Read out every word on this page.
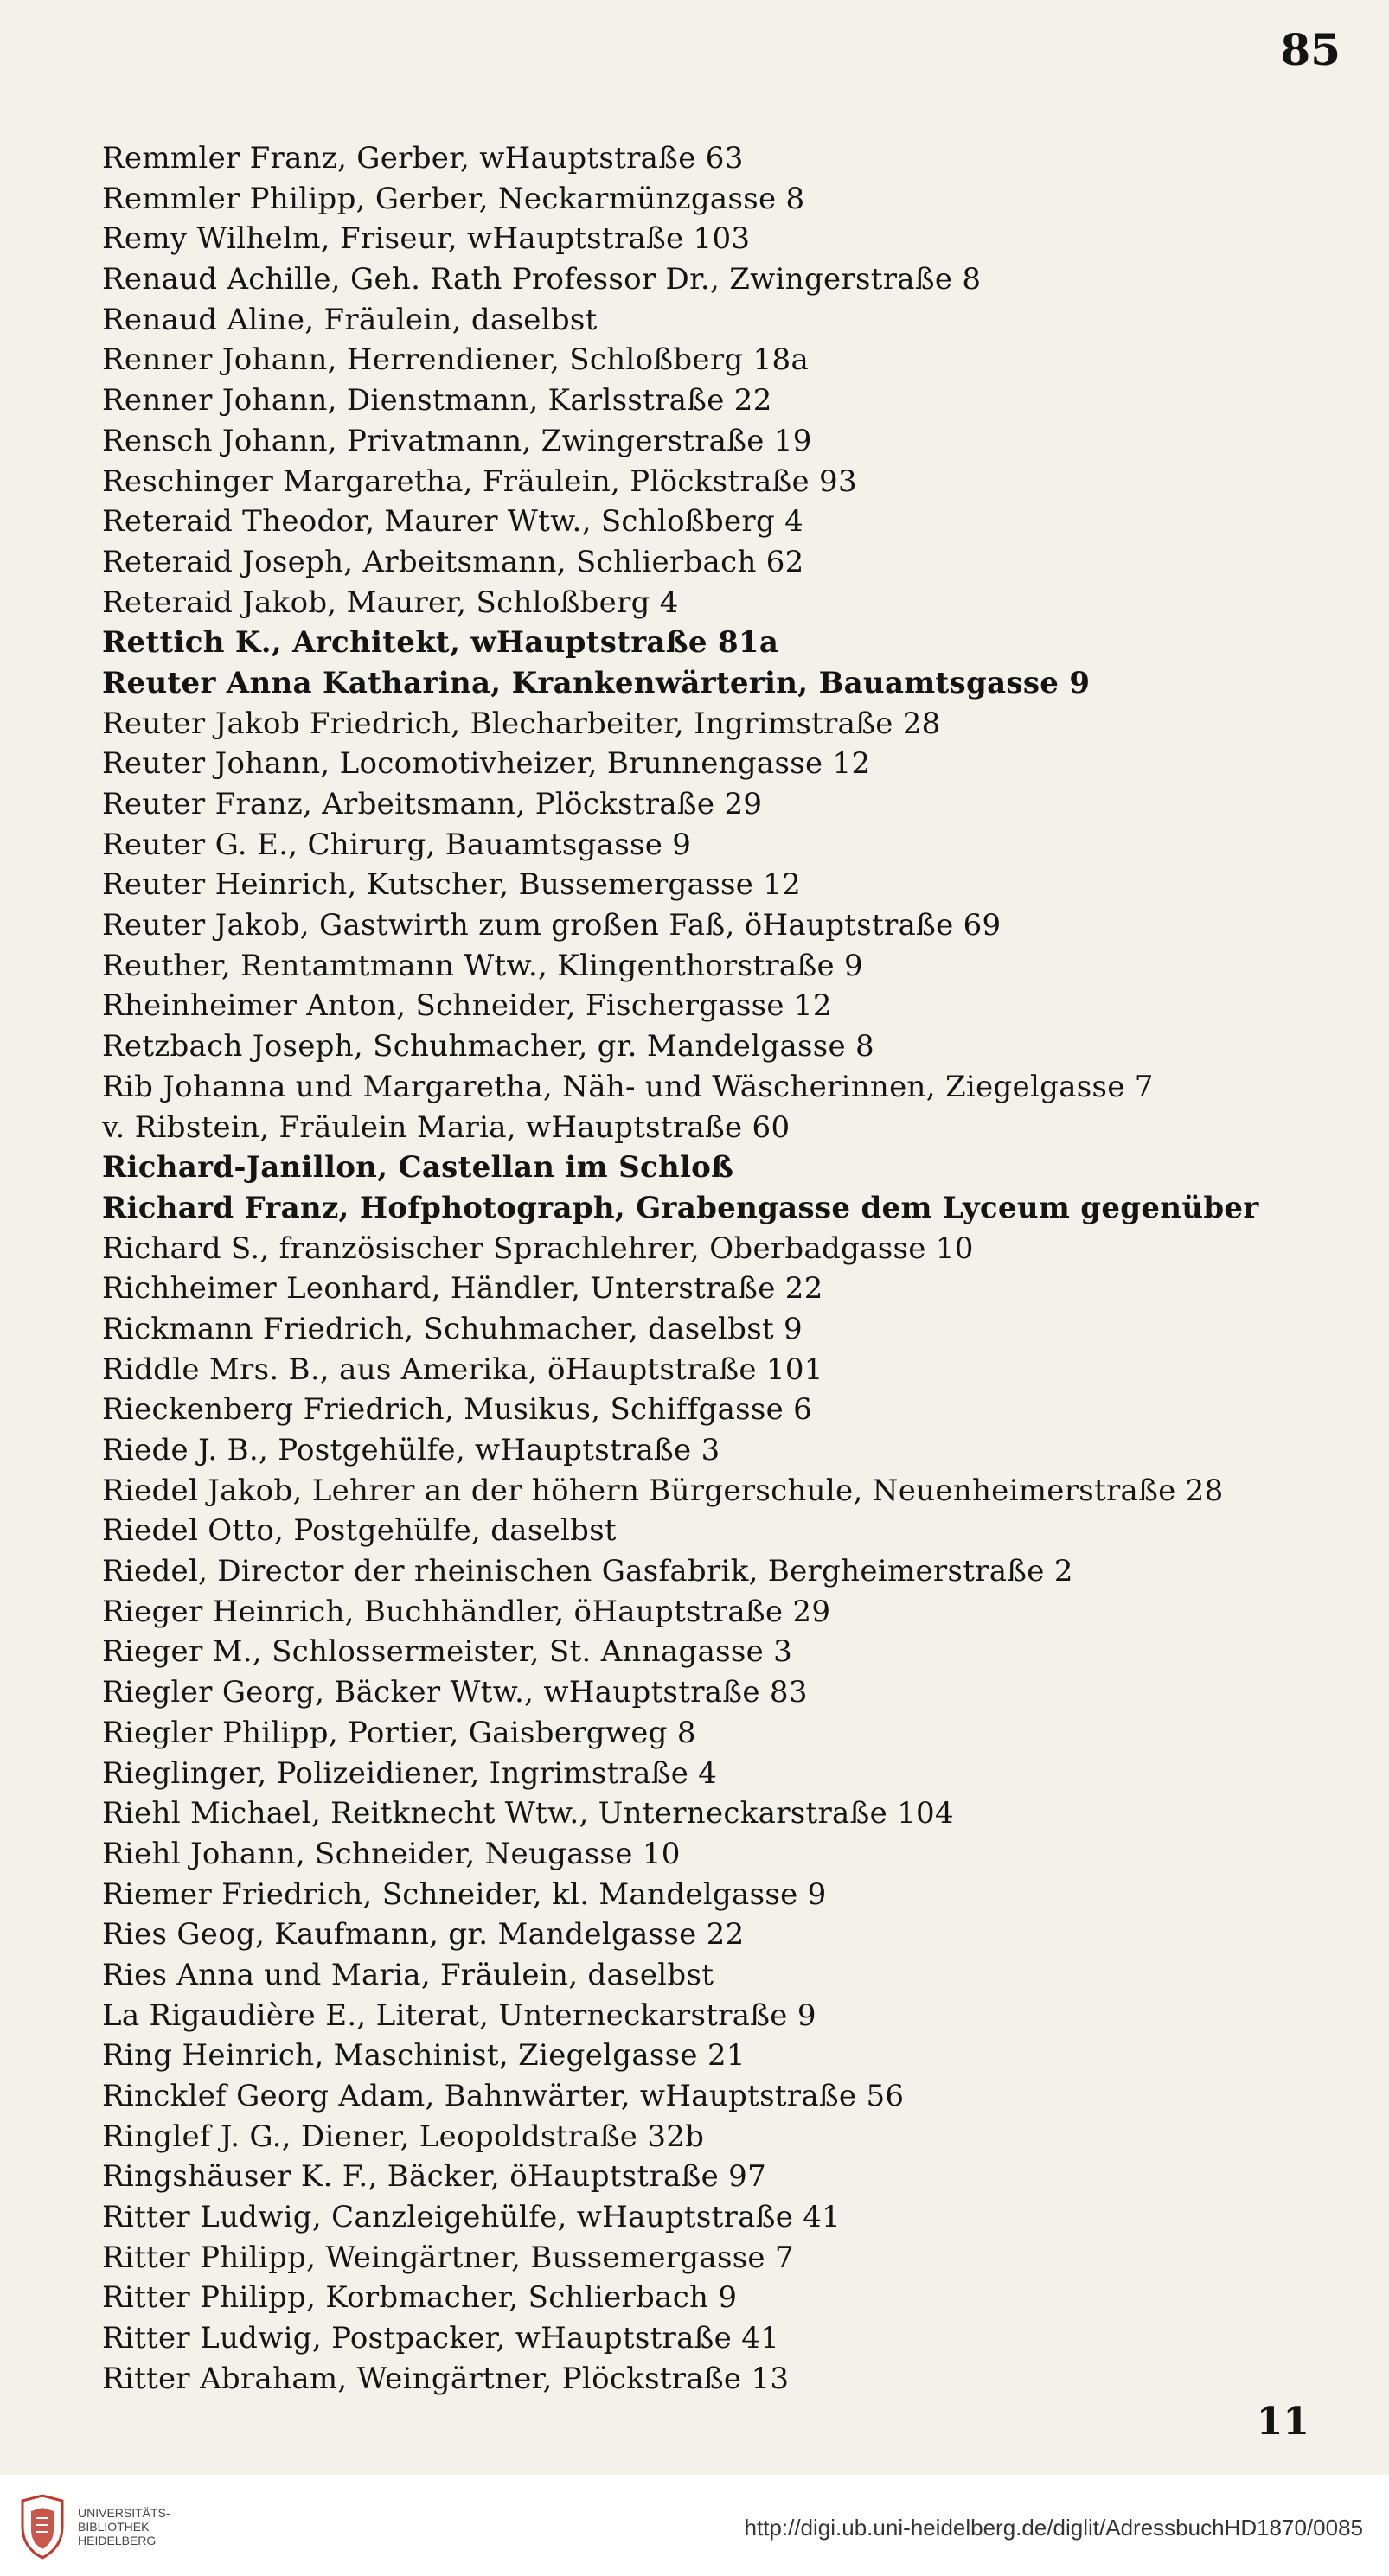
85
Remmler Franz, Gerber, wHauptstraße 63
Remmler Philipp, Gerber, Neckarmünzgasse 8
Remy Wilhelm, Friseur, wHauptstraße 103
Renaud Achille, Geh. Rath Professor Dr., Zwingerstraße 8
Renaud Aline, Fräulein, daselbst
Renner Johann, Herrendiener, Schloßberg 18a
Renner Johann, Dienstmann, Karlsstraße 22
Rensch Johann, Privatmann, Zwingerstraße 19
Reschinger Margaretha, Fräulein, Plöckstraße 93
Reteraid Theodor, Maurer Wtw., Schloßberg 4
Reteraid Joseph, Arbeitsmann, Schlierbach 62
Reteraid Jakob, Maurer, Schloßberg 4
Rettich K., Architekt, wHauptstraße 81a
Reuter Anna Katharina, Krankenwärterin, Bauamtsgasse 9
Reuter Jakob Friedrich, Blecharbeiter, Ingrimstraße 28
Reuter Johann, Locomotivheizer, Brunnengasse 12
Reuter Franz, Arbeitsmann, Plöckstraße 29
Reuter G. E., Chirurg, Bauamtsgasse 9
Reuter Heinrich, Kutscher, Bussemergasse 12
Reuter Jakob, Gastwirth zum großen Faß, öHauptstraße 69
Reuther, Rentamtmann Wtw., Klingenthorstraße 9
Rheinheimer Anton, Schneider, Fischergasse 12
Retzbach Joseph, Schuhmacher, gr. Mandelgasse 8
Rib Johanna und Margaretha, Näh- und Wäscherinnen, Ziegelgasse 7
v. Ribstein, Fräulein Maria, wHauptstraße 60
Richard-Janillon, Castellan im Schloß
Richard Franz, Hofphotograph, Grabengasse dem Lyceum gegenüber
Richard S., französischer Sprachlehrer, Oberbadgasse 10
Richheimer Leonhard, Händler, Unterstraße 22
Rickmann Friedrich, Schuhmacher, daselbst 9
Riddle Mrs. B., aus Amerika, öHauptstraße 101
Rieckenberg Friedrich, Musikus, Schiffgasse 6
Riede J. B., Postgehülfe, wHauptstraße 3
Riedel Jakob, Lehrer an der höhern Bürgerschule, Neuenheimerstraße 28
Riedel Otto, Postgehülfe, daselbst
Riedel, Director der rheinischen Gasfabrik, Bergheimerstraße 2
Rieger Heinrich, Buchhändler, öHauptstraße 29
Rieger M., Schlossermeister, St. Annagasse 3
Riegler Georg, Bäcker Wtw., wHauptstraße 83
Riegler Philipp, Portier, Gaisbergweg 8
Rieglinger, Polizeidiener, Ingrimstraße 4
Riehl Michael, Reitknecht Wtw., Unterneckarstraße 104
Riehl Johann, Schneider, Neugasse 10
Riemer Friedrich, Schneider, kl. Mandelgasse 9
Ries Geog, Kaufmann, gr. Mandelgasse 22
Ries Anna und Maria, Fräulein, daselbst
La Rigaudière E., Literat, Unterneckarstraße 9
Ring Heinrich, Maschinist, Ziegelgasse 21
Rincklef Georg Adam, Bahnwärter, wHauptstraße 56
Ringlef J. G., Diener, Leopoldstraße 32b
Ringshäuser K. F., Bäcker, öHauptstraße 97
Ritter Ludwig, Canzleigehülfe, wHauptstraße 41
Ritter Philipp, Weingärtner, Bussemergasse 7
Ritter Philipp, Korbmacher, Schlierbach 9
Ritter Ludwig, Postpacker, wHauptstraße 41
Ritter Abraham, Weingärtner, Plöckstraße 13
11
UNIVERSITÄTS-
BIBLIOTHEK
HEIDELBERG	http://digi.ub.uni-heidelberg.de/diglit/AdressbuchHD1870/0085
